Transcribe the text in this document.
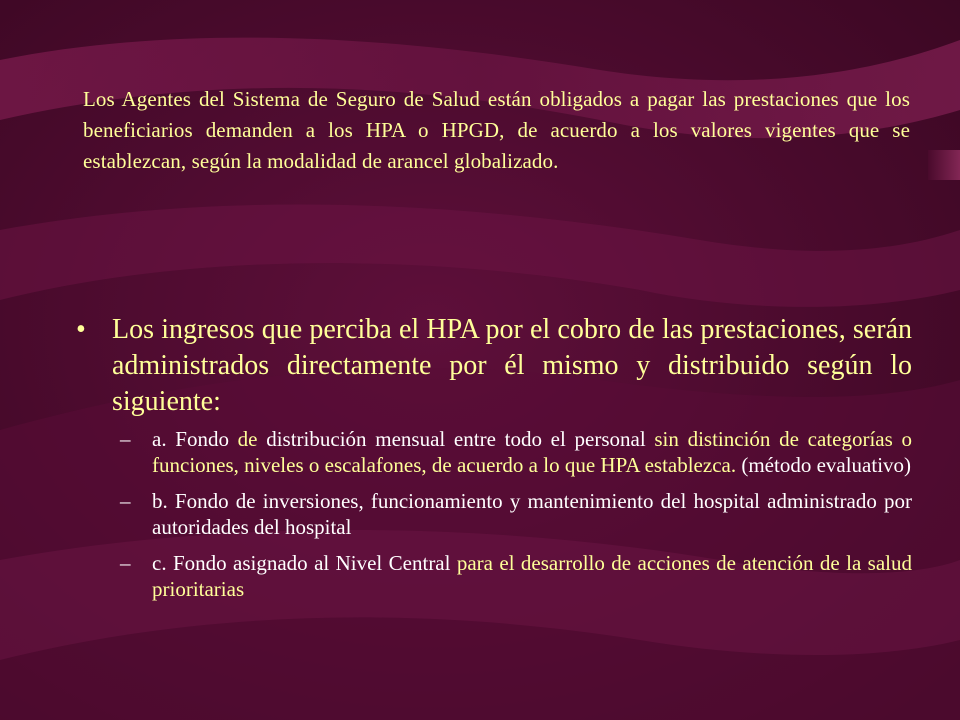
Los Agentes del Sistema de Seguro de Salud están obligados a pagar las prestaciones que los beneficiarios demanden a los HPA o HPGD, de acuerdo a los valores vigentes que se establezcan, según la modalidad de arancel globalizado.
• Los ingresos que perciba el HPA por el cobro de las prestaciones, serán administrados directamente por él mismo y distribuido según lo siguiente:
– a. Fondo de distribución mensual entre todo el personal sin distinción de categorías o funciones, niveles o escalafones, de acuerdo a lo que HPA establezca. (método evaluativo)
– b. Fondo de inversiones, funcionamiento y mantenimiento del hospital administrado por autoridades del hospital
– c. Fondo asignado al Nivel Central para el desarrollo de acciones de atención de la salud prioritarias
